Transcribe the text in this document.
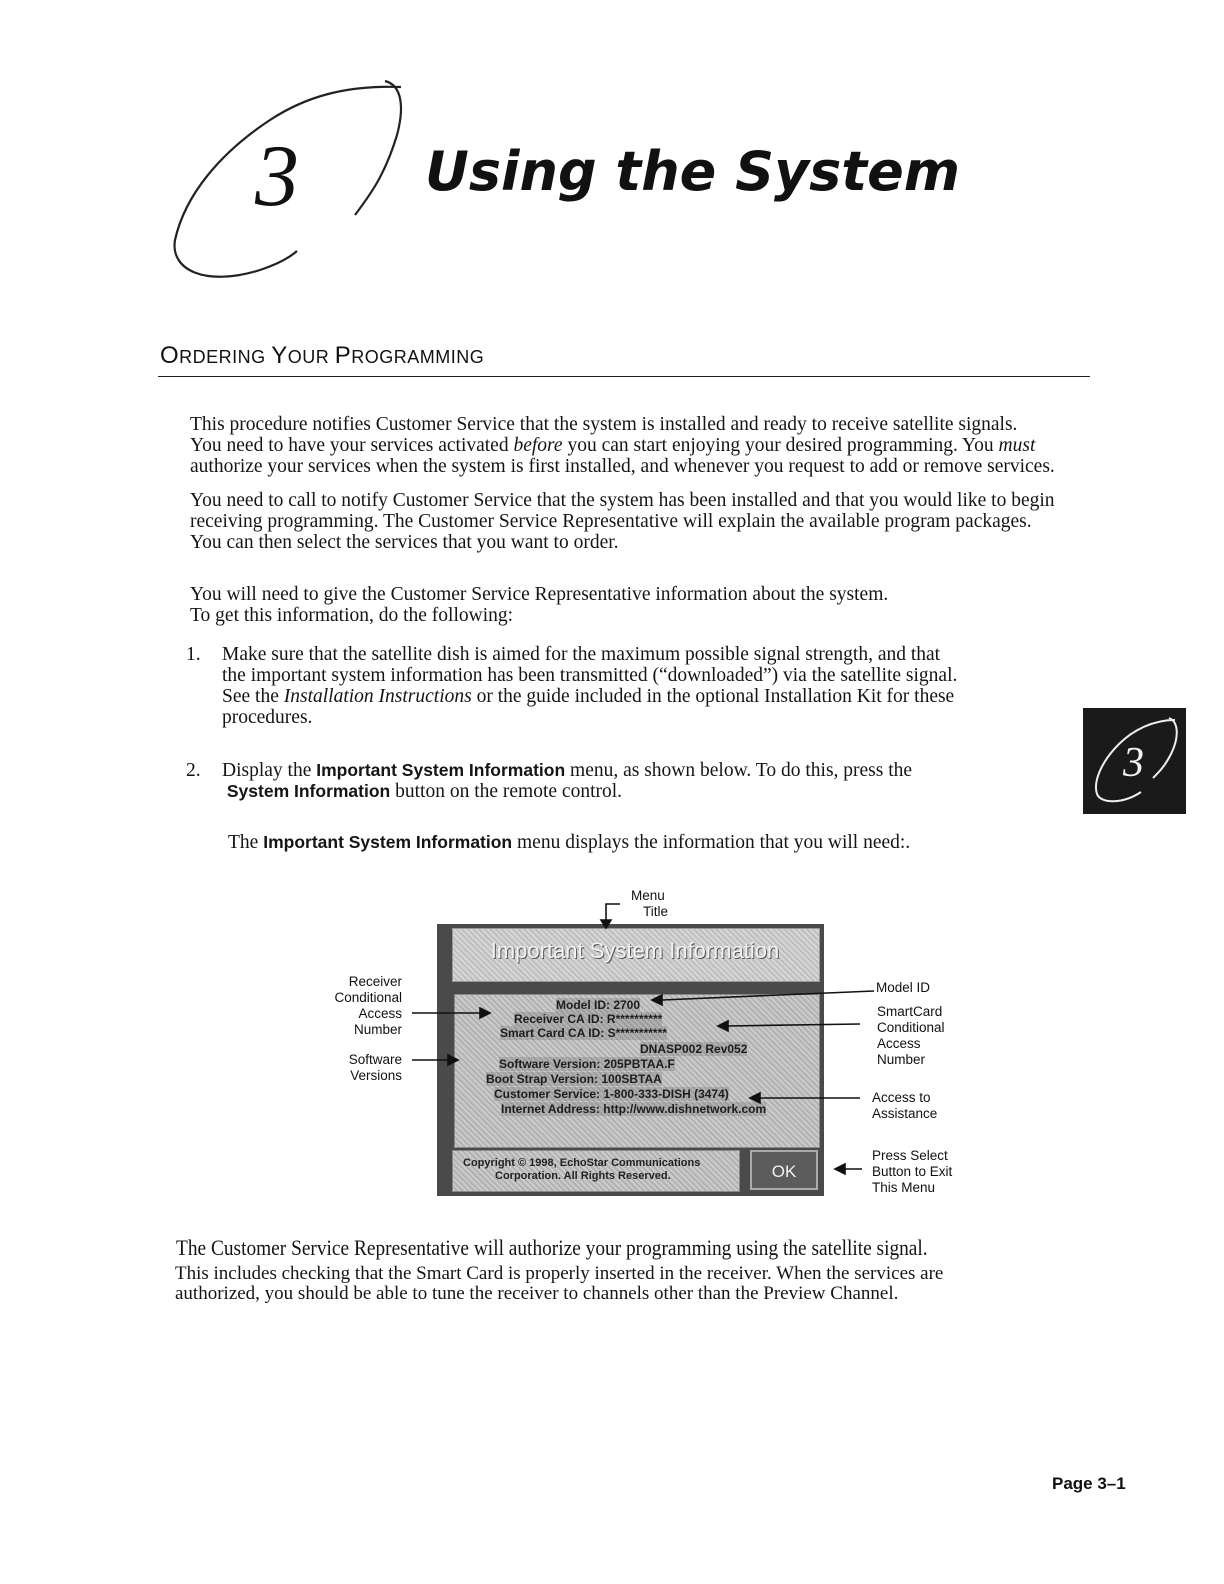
3 Using the System
ORDERING YOUR PROGRAMMING
This procedure notifies Customer Service that the system is installed and ready to receive satellite signals.
You need to have your services activated before you can start enjoying your desired programming. You must
authorize your services when the system is first installed, and whenever you request to add or remove services.
You need to call to notify Customer Service that the system has been installed and that you would like to begin
receiving programming. The Customer Service Representative will explain the available program packages.
You can then select the services that you want to order.
You will need to give the Customer Service Representative information about the system.
To get this information, do the following:
1. Make sure that the satellite dish is aimed for the maximum possible signal strength, and that
the important system information has been transmitted (“downloaded”) via the satellite signal.
See the Installation Instructions or the guide included in the optional Installation Kit for these
procedures.
2. Display the Important System Information menu, as shown below. To do this, press the
System Information button on the remote control.
The Important System Information menu displays the information that you will need:.
3
Important System Information
Model ID: 2700
Receiver CA ID: R**********
Smart Card CA ID: S***********
DNASP002 Rev052
Software Version: 205PBTAA.F
Boot Strap Version: 100SBTAA
Customer Service: 1-800-333-DISH (3474)
Internet Address: http://www.dishnetwork.com
Copyright © 1998, EchoStar Communications
Corporation. All Rights Reserved.	OK
Menu
Title
Receiver
Conditional
Access
Number
Software
Versions
Model ID
SmartCard
Conditional
Access
Number
Access to
Assistance
Press Select
Button to Exit
This Menu
The Customer Service Representative will authorize your programming using the satellite signal.
This includes checking that the Smart Card is properly inserted in the receiver. When the services are
authorized, you should be able to tune the receiver to channels other than the Preview Channel.
Page 3–1
